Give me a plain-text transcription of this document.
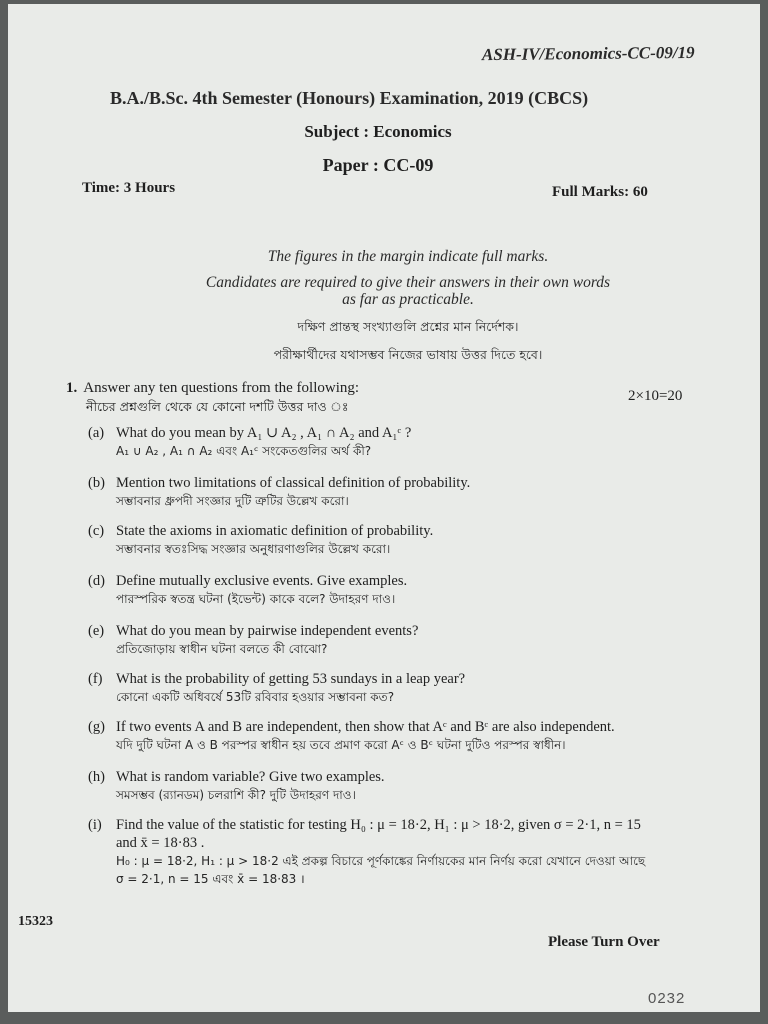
ASH-IV/Economics-CC-09/19
B.A./B.Sc. 4th Semester (Honours) Examination, 2019 (CBCS)
Subject : Economics
Paper : CC-09
Time: 3 Hours	Full Marks: 60
The figures in the margin indicate full marks.
Candidates are required to give their answers in their own words
as far as practicable.
দক্ষিণ প্রান্তস্থ সংখ্যাগুলি প্রশ্নের মান নির্দেশক।
পরীক্ষার্থীদের যথাসম্ভব নিজের ভাষায় উত্তর দিতে হবে।
1. Answer any ten questions from the following:
নীচের প্রশ্নগুলি থেকে যে কোনো দশটি উত্তর দাও ঃ
2×10=20
(a) What do you mean by A₁ ∪ A₂ , A₁ ∩ A₂ and A₁ᶜ ?
A₁ ∪ A₂ , A₁ ∩ A₂ এবং A₁ᶜ সংকেতগুলির অর্থ কী?
(b) Mention two limitations of classical definition of probability.
সম্ভাবনার ধ্রুপদী সংজ্ঞার দুটি ত্রুটির উল্লেখ করো।
(c) State the axioms in axiomatic definition of probability.
সম্ভাবনার স্বতঃসিদ্ধ সংজ্ঞার অনুধারণাগুলির উল্লেখ করো।
(d) Define mutually exclusive events. Give examples.
পারস্পরিক স্বতন্ত্র ঘটনা (ইভেন্ট) কাকে বলে? উদাহরণ দাও।
(e) What do you mean by pairwise independent events?
প্রতিজোড়ায় স্বাধীন ঘটনা বলতে কী বোঝো?
(f) What is the probability of getting 53 sundays in a leap year?
কোনো একটি অধিবর্ষে 53টি রবিবার হওয়ার সম্ভাবনা কত?
(g) If two events A and B are independent, then show that Aᶜ and Bᶜ are also independent.
যদি দুটি ঘটনা A ও B পরস্পর স্বাধীন হয় তবে প্রমাণ করো Aᶜ ও Bᶜ ঘটনা দুটিও পরস্পর স্বাধীন।
(h) What is random variable? Give two examples.
সমসম্ভব (র‍্যানডম) চলরাশি কী? দুটি উদাহরণ দাও।
(i) Find the value of the statistic for testing H₀ : μ = 18·2, H₁ : μ > 18·2, given σ = 2·1, n = 15
and x̄ = 18·83 .
H₀ : μ = 18·2, H₁ : μ > 18·2 এই প্রকল্প বিচারে পূর্ণকাঙ্কের নির্ণায়কের মান নির্ণয় করো যেখানে দেওয়া আছে
σ = 2·1, n = 15 এবং x̄ = 18·83 ।
15323
Please Turn Over
0232
